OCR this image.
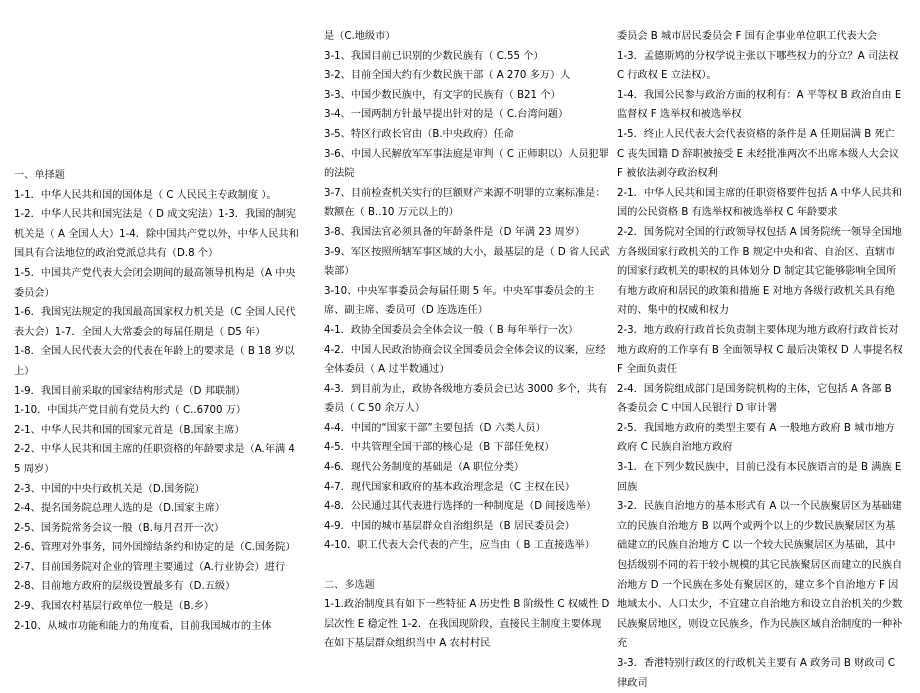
一、单择题
1-1．中华人民共和国的国体是（ C 人民民主专政制度 ）。
1-2．中华人民共和国宪法是（ D 成文宪法）1-3．我国的制宪机关是（ A 全国人大）1-4．除中国共产党以外，中华人民共和国具有合法地位的政治党派总共有（D.8 个）
1-5．中国共产党代表大会闭会期间的最高领导机构是（A 中央委员会）
1-6．我国宪法规定的我国最高国家权力机关是（C 全国人民代表大会）1-7．全国人大常委会的每届任期是（ D5 年）
1-8．全国人民代表大会的代表在年龄上的要求是（ B 18 岁以上）
1-9．我国目前采取的国家结构形式是（D 邦联制）
1-10．中国共产党目前有党员大约（ C..6700 万）
2-1、中华人民共和国的国家元首是（B.国家主席）
2-2、中华人民共和国主席的任职资格的年龄要求是（A.年满 45 周岁）
2-3、中国的中央行政机关是（D.国务院）
2-4、提名国务院总理人选的是（D.国家主席）
2-5、国务院常务会议一般（B.每月召开一次）
2-6、管理对外事务，同外国缔结条约和协定的是（C.国务院）
2-7、目前国务院对企业的管理主要通过（A.行业协会）进行
2-8、目前地方政府的层级设置最多有（D.五级）
2-9、我国农村基层行政单位一般是（B.乡）
2-10、从城市功能和能力的角度看，目前我国城市的主体
是（C.地级市）
3-1、我国目前已识别的少数民族有（ C.55 个）
3-2、目前全国大约有少数民族干部（ A 270 多万）人
3-3、中国少数民族中，有文字的民族有（ B21 个）
3-4、一国两制方针最早提出针对的是（ C.台湾问题）
3-5、特区行政长官由（B.中央政府）任命
3-6、中国人民解放军军事法庭是审判（ C 正师职以）人员犯罪的法院
3-7、目前检查机关实行的巨额财产来源不明罪的立案标准是：数额在（ B..10 万元以上的）
3-8、我国法官必须具备的年龄条件是（D 年满 23 周岁）
3-9、军区按照所辖军事区域的大小，最基层的是（ D 省人民武装部）
3-10、中央军事委员会每届任期 5 年。中央军事委员会的主席、副主席、委员可（D 连选连任）
4-1．政协全国委员会全体会议一般（ B 每年举行一次）
4-2．中国人民政治协商会议全国委员会全体会议的议案，应经全体委员（ A 过半数通过）
4-3．到目前为止，政协各级地方委员会已达 3000 多个，共有委员（ C 50 余万人）
4-4．中国的“国家干部”主要包括（D 六类人员）
4-5．中共管理全国干部的核心是（B 下部任免权）
4-6．现代公务制度的基础是（A 职位分类）
4-7．现代国家和政府的基本政治理念是（C 主权在民）
4-8．公民通过其代表进行选择的一种制度是（D 间接选举）
4-9．中国的城市基层群众自治组织是（B 居民委员会）
4-10．职工代表大会代表的产生，应当由（ B 工直接选举）
二、多选题
1-1.政治制度具有如下一些特征 A 历史性 B 阶级性 C 权威性 D 层次性 E 稳定性 1-2．在我国现阶段，直接民主制度主要体现在如下基层群众组织当中 A 农村村民
委员会 B 城市居民委员会 F 国有企事业单位职工代表大会
1-3．孟德斯鸠的分权学说主张以下哪些权力的分立？A 司法权 C 行政权 E 立法权）。
1-4．我国公民参与政治方面的权利有：A 平等权 B 政治自由 E 监督权 F 选举权和被选举权
1-5．终止人民代表大会代表资格的条件是 A 任期届满 B 死亡 C 丧失国籍 D 辞职被接受 E 未经批准两次不出席本级人大会议 F 被依法剥夺政治权利
2-1．中华人民共和国主席的任职资格要件包括 A 中华人民共和国的公民资格 B 有选举权和被选举权 C 年龄要求
2-2．国务院对全国的行政领导权包括 A 国务院统一领导全国地方各级国家行政机关的工作 B 规定中央和省、自治区、直辖市的国家行政机关的职权的具体划分 D 制定其它能够影响全国所有地方政府和居民的政策和措施 E 对地方各级行政机关具有绝对的、集中的权威和权力
2-3．地方政府行政首长负责制主要体现为地方政府行政首长对地方政府的工作享有 B 全面领导权 C 最后决策权 D 人事提名权 F 全面负责任
2-4．国务院组成部门是国务院机构的主体，它包括 A 各部 B 各委员会 C 中国人民银行 D 审计署
2-5．我国地方政府的类型主要有 A 一般地方政府 B 城市地方政府 C 民族自治地方政府
3-1．在下列少数民族中，目前已没有本民族语言的是 B 满族 E 回族
3-2．民族自治地方的基本形式有 A 以一个民族聚居区为基础建立的民族自治地方 B 以两个或两个以上的少数民族聚居区为基础建立的民族自治地方 C 以一个较大民族聚居区为基础，其中包括级别不同的若干较小规模的其它民族聚居区而建立的民族自治地方 D 一个民族在多处有聚居区的，建立多个自治地方 F 因地域太小、人口太少，不宜建立自治地方和设立自治机关的少数民族聚居地区，则设立民族乡，作为民族区域自治制度的一种补充
3-3．香港特别行政区的行政机关主要有 A 政务司 B 财政司 C 律政司
